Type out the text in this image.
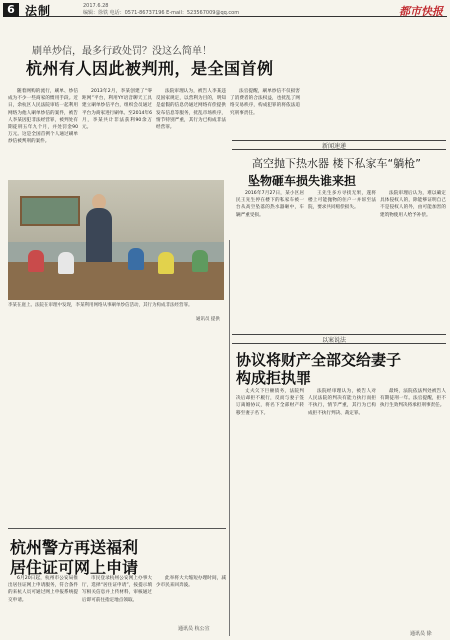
6 法制	2017.6.28
编辑：徐铁 电话：0571-86737196 E-mail：523567009@qq.com	都市快报
刷单炒信，最多行政处罚？没这么简单！
杭州有人因此被判刑，是全国首例

随着网购的流行，刷单、炒信成为不少一些商家的惯用手段。近日，余杭区人民法院审结一起利用网络为他人刷单炒信的案件，被告人李某因犯非法经营罪，被判处有期徒刑五年九个月，并处罚金90万元。这是全国首例个人通过刷单炒信被判刑的案件。

2013年2月，李某创建了“零距网”平台，利用YY语音聊天工具建立刷单炒信平台，组织会员通过平台为商家进行刷单。至2014年6月，李某共计非法获利90余万元。

法院审理认为，被告人李某违反国家规定，以营利为目的，明知是虚假的信息仍通过网络有偿提供发布信息等服务，扰乱市场秩序，情节特别严重，其行为已构成非法经营罪。

法官提醒，刷单炒信不仅损害了消费者的合法权益，也扰乱了网络交易秩序，构成犯罪的将依法追究刑事责任。

李某在庭上。法院在审理中发现，李某利用网络从事刷单炒信活动，其行为构成非法经营罪。
通讯员 提供
杭州警方再送福利
居住证可网上申请

6月20日起，杭州市公安局推出居住证网上申请服务，符合条件的来杭人员可通过网上申报系统提交申请。

市民登录杭州公安网上办事大厅，选择“居住证申请”，按提示填写相关信息并上传材料，审核通过后即可前往指定地点领取。

此举将大大缩短办理时间，减少市民来回奔波。

通讯员 杭公宣
新闻速递
高空抛下热水器 楼下私家车“躺枪”
坠物砸车损失谁来担

2016年7月27日，某小区居民王先生停在楼下的私家车被一台从高空坠落的热水器砸中，车辆严重受损。

王先生多方寻找无果，遂将楼上可能抛物的住户一并诉至法院，要求共同赔偿损失。

法院审理后认为，难以确定具体侵权人的，除能够证明自己不是侵权人的外，由可能加害的建筑物使用人给予补偿。

以案说法
协议将财产全部交给妻子
构成拒执罪

丈夫欠下巨额债务，法院判决后却拒不履行，反而与妻子签订离婚协议，将名下全部财产转移至妻子名下。

法院经审理认为，被告人对人民法院的判决有能力执行而拒不执行，情节严重，其行为已构成拒不执行判决、裁定罪。

最终，法院依法判处被告人有期徒刑一年。法官提醒，拒不执行生效判决将承担刑事责任。

通讯员 徐
